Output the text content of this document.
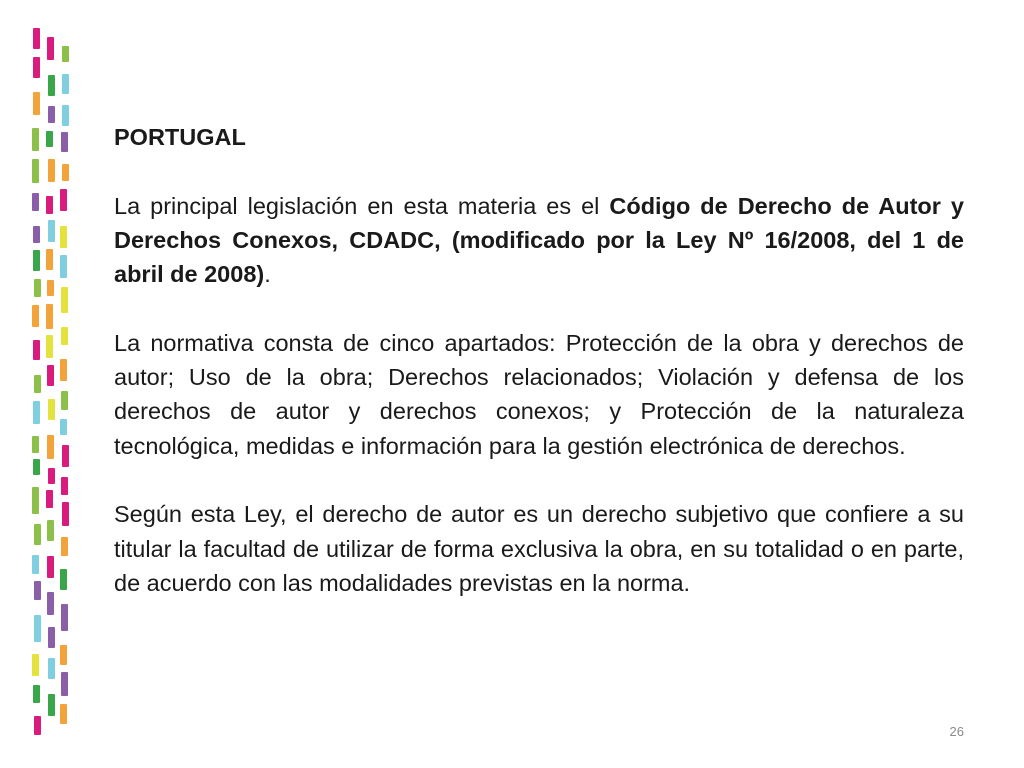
PORTUGAL

La principal legislación en esta materia es el Código de Derecho de Autor y Derechos Conexos, CDADC, (modificado por la Ley Nº 16/2008, del 1 de abril de 2008).

La normativa consta de cinco apartados: Protección de la obra y derechos de autor; Uso de la obra; Derechos relacionados; Violación y defensa de los derechos de autor y derechos conexos; y Protección de la naturaleza tecnológica, medidas e información para la gestión electrónica de derechos.

Según esta Ley, el derecho de autor es un derecho subjetivo que confiere a su titular la facultad de utilizar de forma exclusiva la obra, en su totalidad o en parte, de acuerdo con las modalidades previstas en la norma.

26
